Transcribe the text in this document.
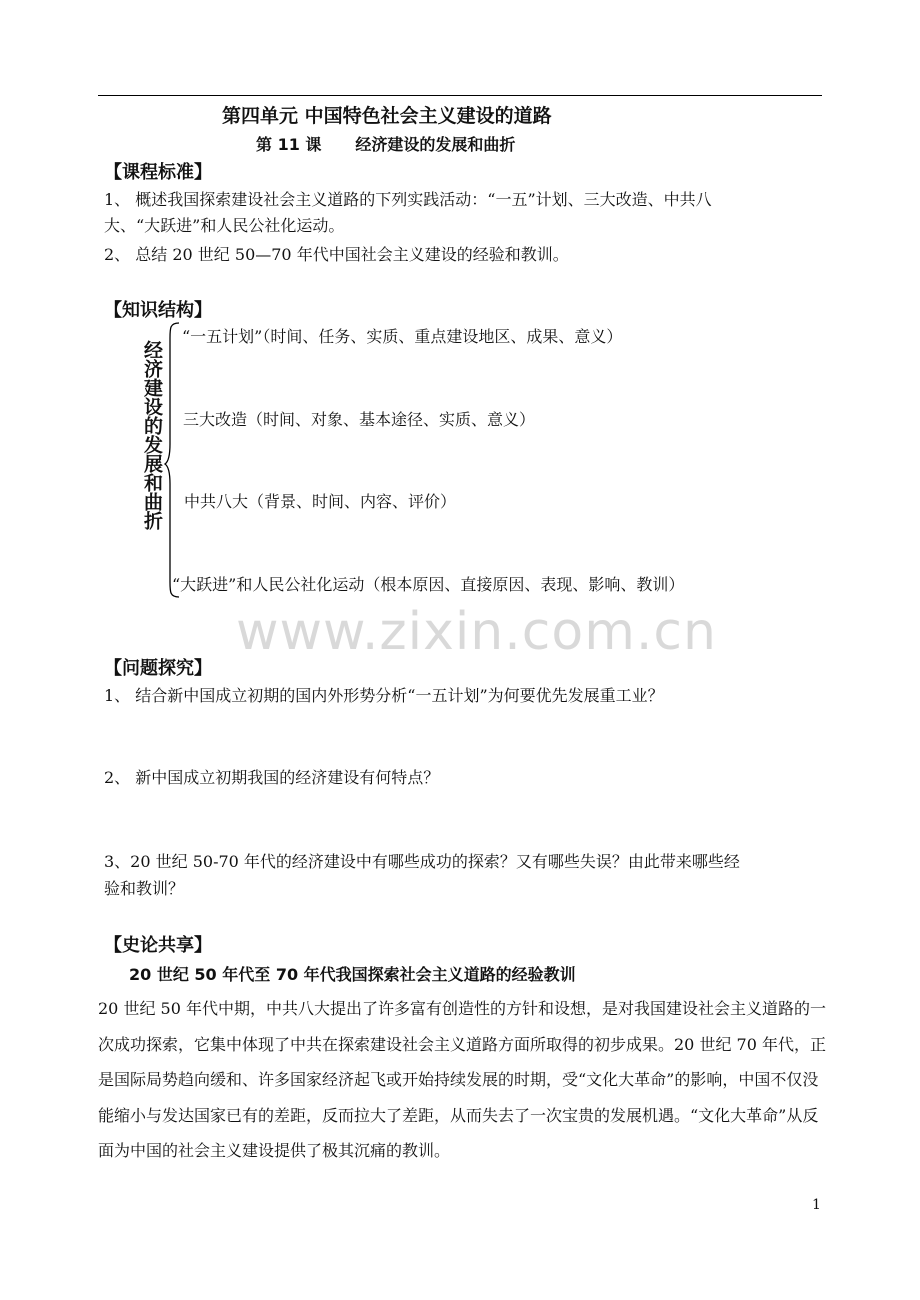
第四单元 中国特色社会主义建设的道路
第 11 课 经济建设的发展和曲折
【课程标准】
1、 概述我国探索建设社会主义道路的下列实践活动：“一五”计划、三大改造、中共八
大、“大跃进”和人民公社化运动。
2、 总结 20 世纪 50—70 年代中国社会主义建设的经验和教训。
【知识结构】
经济建设的发展和曲折
“一五计划”（时间、任务、实质、重点建设地区、成果、意义）
三大改造（时间、对象、基本途径、实质、意义）
中共八大（背景、时间、内容、评价）
“大跃进”和人民公社化运动（根本原因、直接原因、表现、影响、教训）
www.zixin.com.cn
【问题探究】
1、 结合新中国成立初期的国内外形势分析“一五计划”为何要优先发展重工业？
2、 新中国成立初期我国的经济建设有何特点？
3、20 世纪 50-70 年代的经济建设中有哪些成功的探索？又有哪些失误？由此带来哪些经
验和教训？
【史论共享】
20 世纪 50 年代至 70 年代我国探索社会主义道路的经验教训
20 世纪 50 年代中期，中共八大提出了许多富有创造性的方针和设想，是对我国建设社会主义道路的一次成功探索，它集中体现了中共在探索建设社会主义道路方面所取得的初步成果。20 世纪 70 年代，正是国际局势趋向缓和、许多国家经济起飞或开始持续发展的时期，受“文化大革命”的影响，中国不仅没能缩小与发达国家已有的差距，反而拉大了差距，从而失去了一次宝贵的发展机遇。“文化大革命”从反面为中国的社会主义建设提供了极其沉痛的教训。
1
